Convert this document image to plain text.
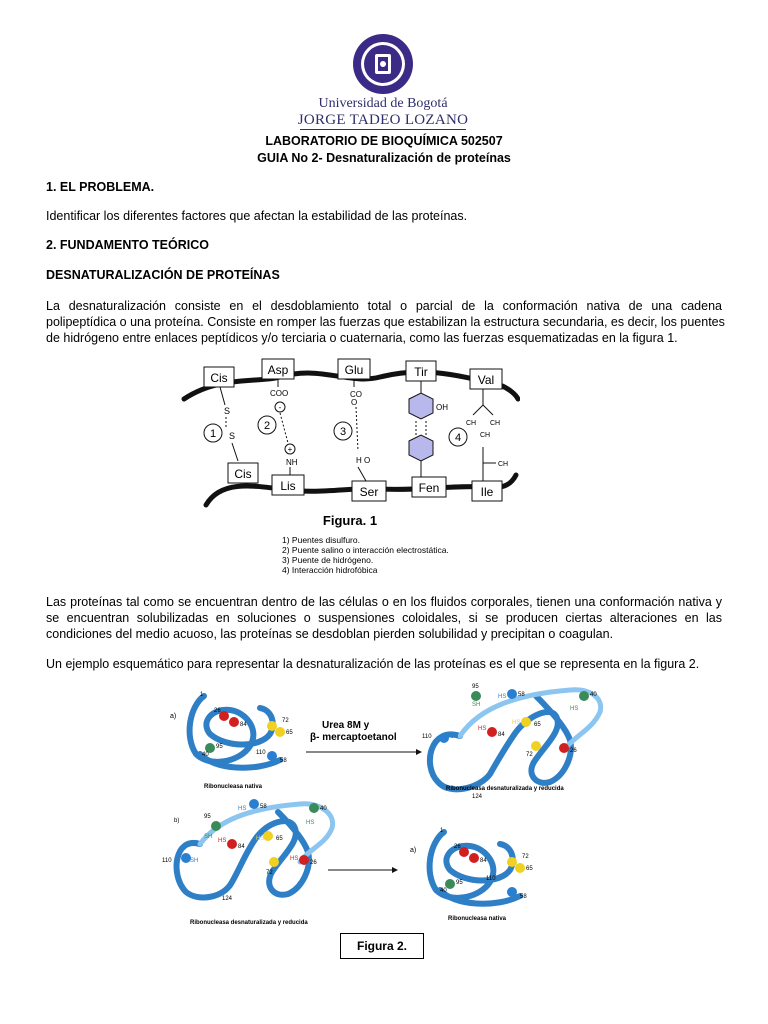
Universidad de Bogotá
JORGE TADEO LOZANO
LABORATORIO DE BIOQUÍMICA 502507
GUIA No 2- Desnaturalización de proteínas
1. EL PROBLEMA.
Identificar los diferentes factores que afectan la estabilidad de las proteínas.
2. FUNDAMENTO TEÓRICO
DESNATURALIZACIÓN DE PROTEÍNAS
La desnaturalización consiste en el desdoblamiento total o parcial de la conformación nativa de una cadena
polipeptídica o una proteína. Consiste en romper las fuerzas que estabilizan la estructura secundaria, es decir, los puentes
de hidrógeno entre enlaces peptídicos y/o terciaria o cuaternaria, como las fuerzas esquematizadas en la figura 1.
Cis
Asp	Glu	Tir
Val
Cis
Lis	Ser	Fen	Ile
S
S
1
COO
-
+
NH
2
CO
O
H O
3
OH
4
CH CH
CH
CH
Figura. 1
1) Puentes disulfuro.
2) Puente salino o interacción electrostática.
3) Puente de hidrógeno.
4) Interacción hidrofóbica
Las proteínas tal como se encuentran dentro de las células o en los fluidos corporales, tienen una conformación nativa y
se encuentran solubilizadas en soluciones o suspensiones coloidales, si se producen ciertas alteraciones en las
condiciones del medio acuoso, las proteínas se desdoblan pierden solubilidad y precipitan o coagulan.
Un ejemplo esquemático para representar la desnaturalización de las proteínas es el que se representa en la figura 2.
a)
1
26
84
72
65
95
110
58
40
Ribonucleasa nativa
Urea 8M y
β- mercaptoetanol
95
SH
HS 58	40
HS
HS 65
HS
84
72
26
110	SH
124
Ribonucleasa desnaturalizada y reducida
b)
95
SH
HS 58	40
HS
HS 65
HS
84
72
26
HS
110	SH
124
Ribonucleasa desnaturalizada y reducida
a)
1
26
84
72
65
95
110
58
40
Ribonucleasa nativa
Figura 2.
